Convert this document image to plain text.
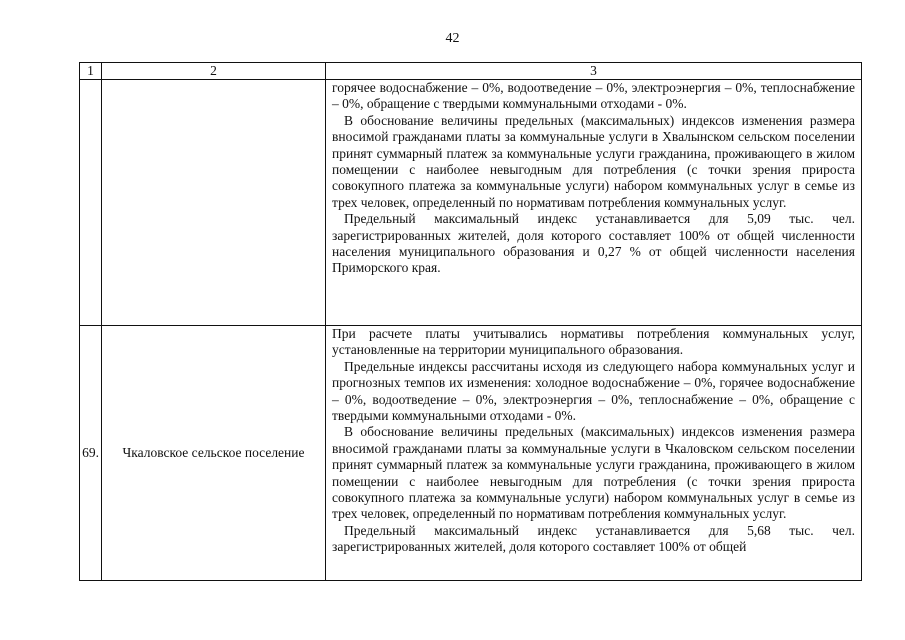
42
1	2	3

		горячее водоснабжение – 0%, водоотведение – 0%, электроэнергия – 0%, теплоснабжение – 0%, обращение с твердыми коммунальными отходами - 0%.

В обоснование величины предельных (максимальных) индексов изменения размера вносимой гражданами платы за коммунальные услуги в Хвалынском сельском поселении принят суммарный платеж за коммунальные услуги гражданина, проживающего в жилом помещении с наиболее невыгодным для потребления (с точки зрения прироста совокупного платежа за коммунальные услуги) набором коммунальных услуг в семье из трех человек, определенный по нормативам потребления коммунальных услуг.

Предельный максимальный индекс устанавливается для 5,09 тыс. чел. зарегистрированных жителей, доля которого составляет 100% от общей численности населения муниципального образования и 0,27 % от общей численности населения Приморского края.

69.	Чкаловское сельское поселение	При расчете платы учитывались нормативы потребления коммунальных услуг, установленные на территории муниципального образования.

Предельные индексы рассчитаны исходя из следующего набора коммунальных услуг и прогнозных темпов их изменения: холодное водоснабжение – 0%, горячее водоснабжение – 0%, водоотведение – 0%, электроэнергия – 0%, теплоснабжение – 0%, обращение с твердыми коммунальными отходами - 0%.

В обоснование величины предельных (максимальных) индексов изменения размера вносимой гражданами платы за коммунальные услуги в Чкаловском сельском поселении принят суммарный платеж за коммунальные услуги гражданина, проживающего в жилом помещении с наиболее невыгодным для потребления (с точки зрения прироста совокупного платежа за коммунальные услуги) набором коммунальных услуг в семье из трех человек, определенный по нормативам потребления коммунальных услуг.

Предельный максимальный индекс устанавливается для 5,68 тыс. чел. зарегистрированных жителей, доля которого составляет 100% от общей
